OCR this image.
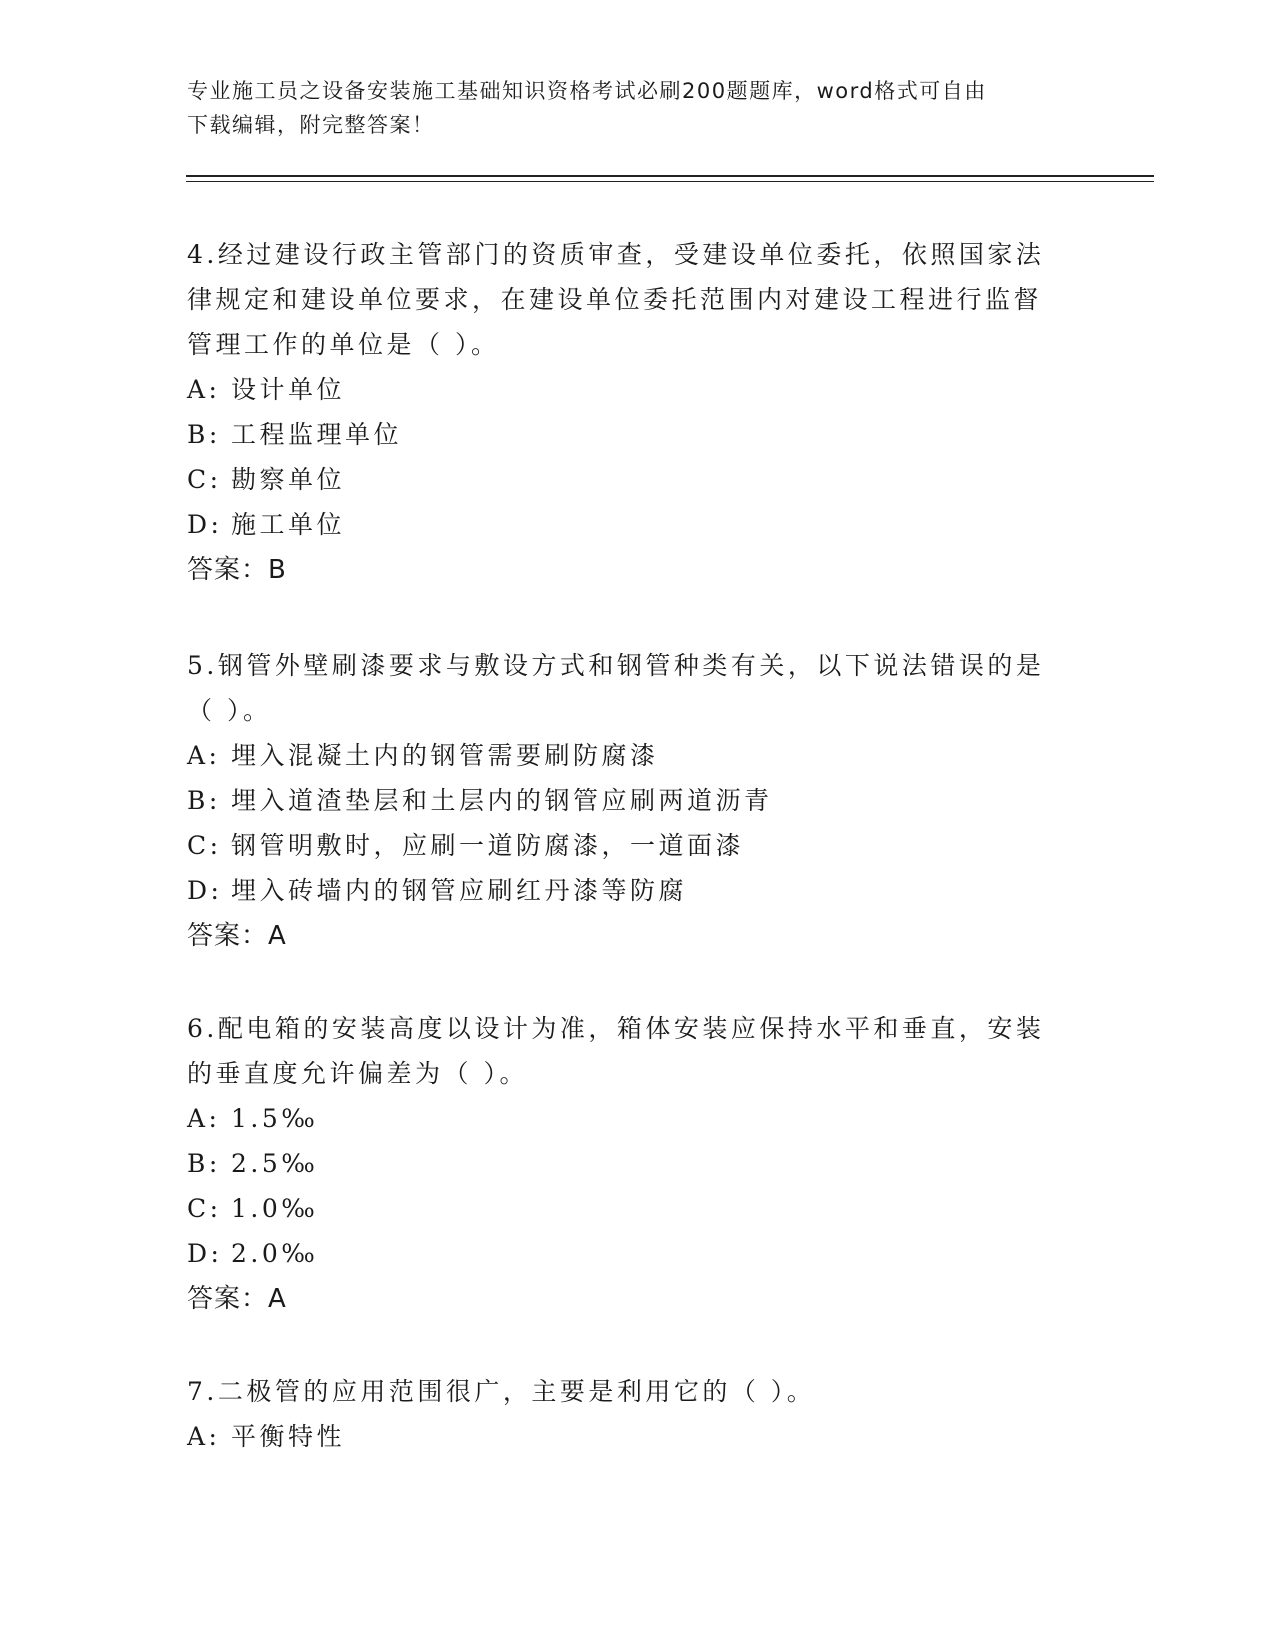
专业施工员之设备安装施工基础知识资格考试必刷200题题库，word格式可自由
下载编辑，附完整答案！

4.经过建设行政主管部门的资质审查，受建设单位委托，依照国家法律规定和建设单位要求，在建设单位委托范围内对建设工程进行监督管理工作的单位是（ ）。

A: 设计单位
B: 工程监理单位
C: 勘察单位
D: 施工单位
答案：B

5.钢管外壁刷漆要求与敷设方式和钢管种类有关，以下说法错误的是（ ）。

A: 埋入混凝土内的钢管需要刷防腐漆
B: 埋入道渣垫层和土层内的钢管应刷两道沥青
C: 钢管明敷时，应刷一道防腐漆，一道面漆
D: 埋入砖墙内的钢管应刷红丹漆等防腐
答案：A

6.配电箱的安装高度以设计为准，箱体安装应保持水平和垂直，安装的垂直度允许偏差为（ ）。

A: 1.5‰
B: 2.5‰
C: 1.0‰
D: 2.0‰
答案：A

7.二极管的应用范围很广，主要是利用它的（ ）。

A: 平衡特性
